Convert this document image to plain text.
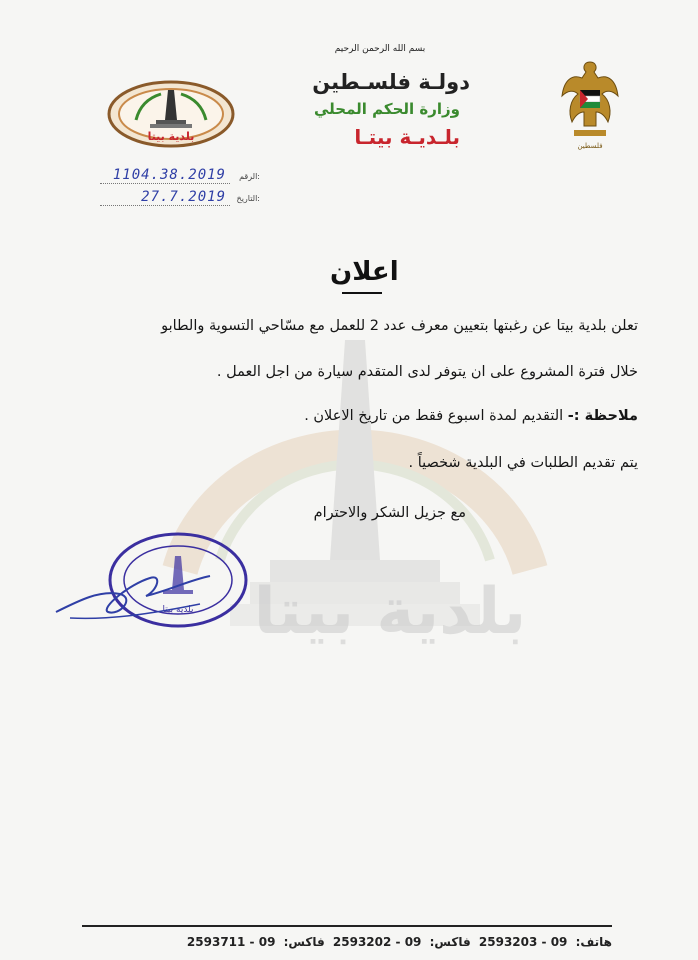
بلدية بيتا
بسم الله الرحمن الرحيم
دولـة فلسـطين
وزارة الحكم المحلي
بلـديـة بيتـا	فلسطين
بلدية بيتا
1104.38.2019 الرقم:
27.7.2019 التاريخ:
اعلان
تعلن بلدية بيتا عن رغبتها بتعيين معرف عدد 2 للعمل مع مسّاحي التسوية والطابو
خلال فترة المشروع على ان يتوفر لدى المتقدم سيارة من اجل العمل .
ملاحظة :- التقديم لمدة اسبوع فقط من تاريخ الاعلان .
يتم تقديم الطلبات في البلدية شخصياً .
مع جزيل الشكر والاحترام
بلدية بيتا
هاتف: 09 - 2593203 فاكس: 09 - 2593202 فاكس: 09 - 2593711
